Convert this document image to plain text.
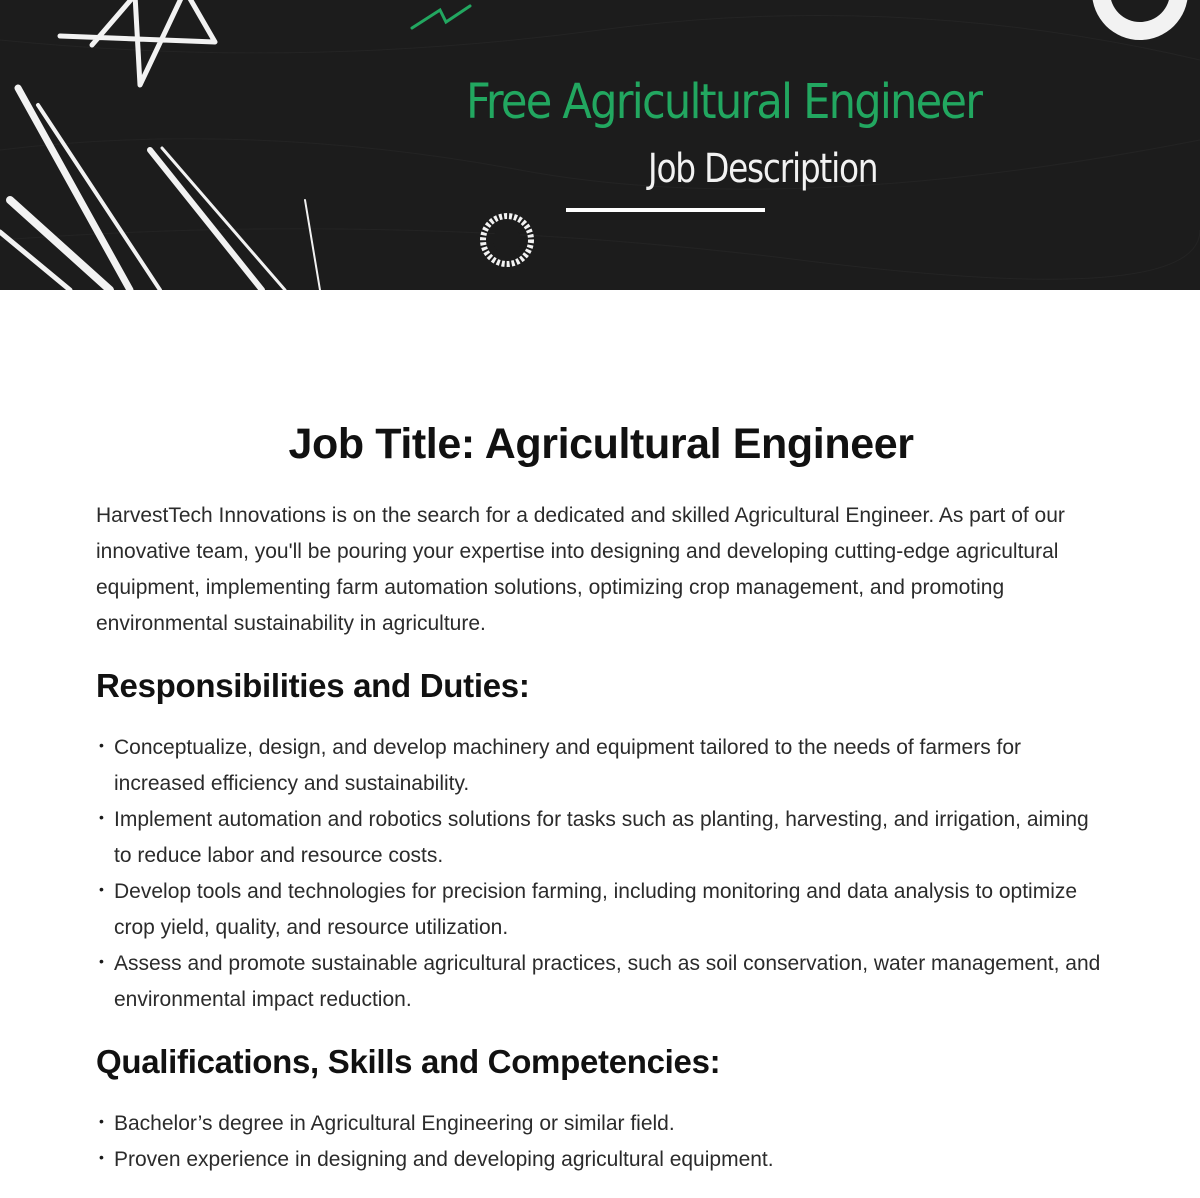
Free Agricultural Engineer
Job Description
Job Title: Agricultural Engineer

HarvestTech Innovations is on the search for a dedicated and skilled Agricultural Engineer. As part of our innovative team, you'll be pouring your expertise into designing and developing cutting-edge agricultural equipment, implementing farm automation solutions, optimizing crop management, and promoting environmental sustainability in agriculture.

Responsibilities and Duties:
• Conceptualize, design, and develop machinery and equipment tailored to the needs of farmers for increased efficiency and sustainability.
• Implement automation and robotics solutions for tasks such as planting, harvesting, and irrigation, aiming to reduce labor and resource costs.
• Develop tools and technologies for precision farming, including monitoring and data analysis to optimize crop yield, quality, and resource utilization.
• Assess and promote sustainable agricultural practices, such as soil conservation, water management, and environmental impact reduction.
Qualifications, Skills and Competencies:
• Bachelor’s degree in Agricultural Engineering or similar field.
• Proven experience in designing and developing agricultural equipment.
